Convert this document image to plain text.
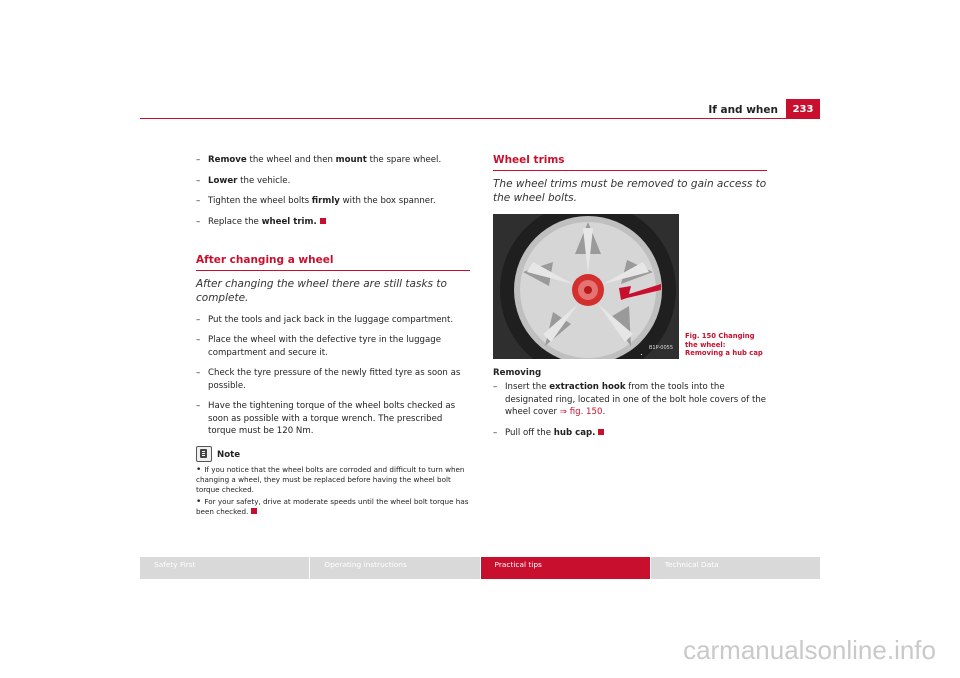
If and when	233

– Remove the wheel and then mount the spare wheel.

– Lower the vehicle.

– Tighten the wheel bolts firmly with the box spanner.

– Replace the wheel trim.

After changing a wheel
After changing the wheel there are still tasks to complete.

– Put the tools and jack back in the luggage compartment.

– Place the wheel with the defective tyre in the luggage compartment and secure it.

– Check the tyre pressure of the newly fitted tyre as soon as possible.

– Have the tightening torque of the wheel bolts checked as soon as possible with a torque wrench. The prescribed torque must be 120 Nm.

Note

• If you notice that the wheel bolts are corroded and difficult to turn when changing a wheel, they must be replaced before having the wheel bolt torque checked.

• For your safety, drive at moderate speeds until the wheel bolt torque has been checked.

Wheel trims
The wheel trims must be removed to gain access to the wheel bolts.
B1P-0055
Removing

– Insert the extraction hook from the tools into the designated ring, located in one of the bolt hole covers of the wheel cover ⇒ fig. 150.

– Pull off the hub cap.

Fig. 150 Changing the wheel: Removing a hub cap
Safety First	Operating instructions	Practical tips	Technical Data
carmanualsonline.info
